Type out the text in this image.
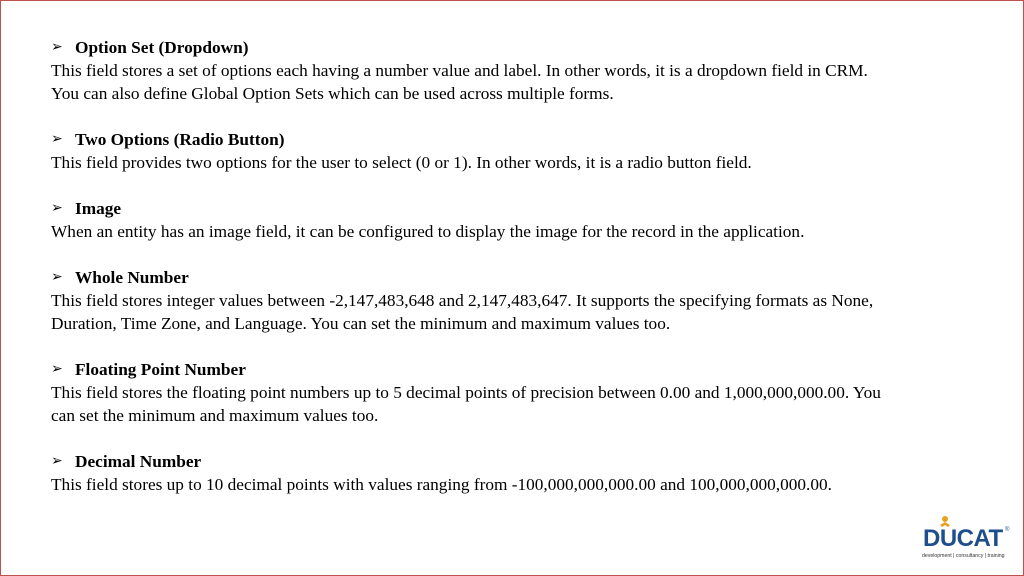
➢ Option Set (Dropdown)
This field stores a set of options each having a number value and label. In other words, it is a dropdown field in CRM.
You can also define Global Option Sets which can be used across multiple forms.
➢ Two Options (Radio Button)
This field provides two options for the user to select (0 or 1). In other words, it is a radio button field.
➢ Image
When an entity has an image field, it can be configured to display the image for the record in the application.
➢ Whole Number
This field stores integer values between -2,147,483,648 and 2,147,483,647. It supports the specifying formats as None,
Duration, Time Zone, and Language. You can set the minimum and maximum values too.
➢ Floating Point Number
This field stores the floating point numbers up to 5 decimal points of precision between 0.00 and 1,000,000,000.00. You
can set the minimum and maximum values too.
➢ Decimal Number
This field stores up to 10 decimal points with values ranging from -100,000,000,000.00 and 100,000,000,000.00.
DUCAT ®
development | consultancy | training
